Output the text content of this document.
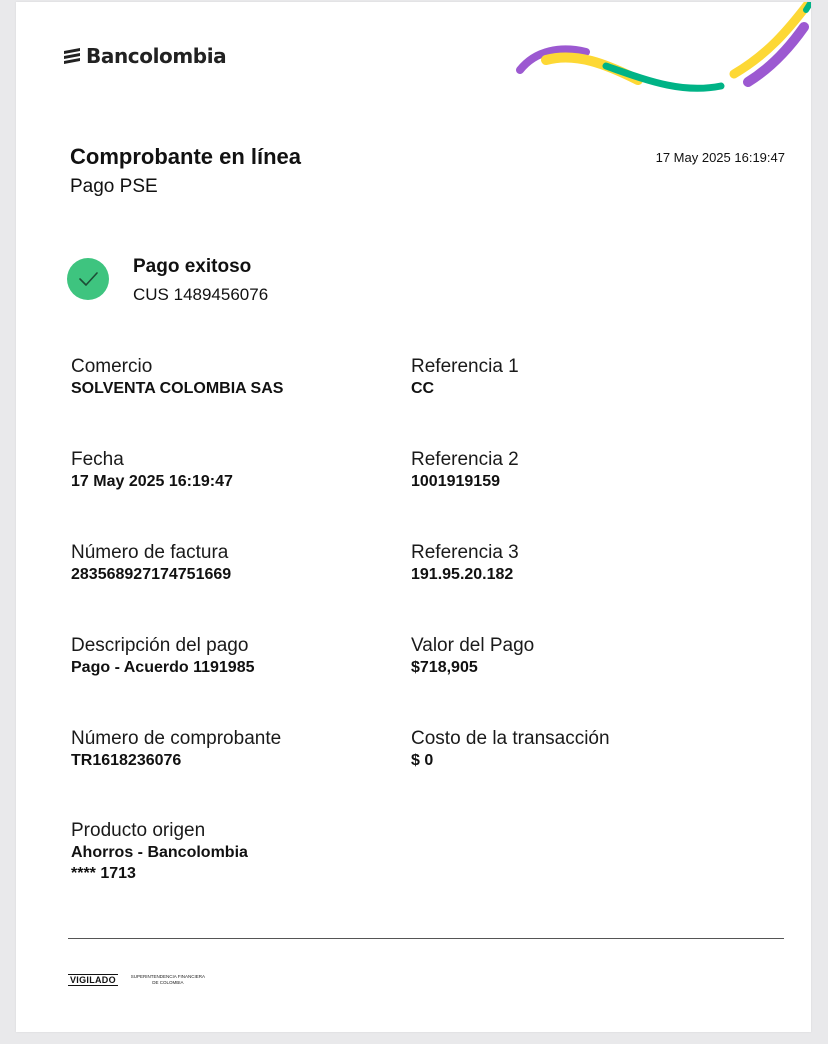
Bancolombia
Comprobante en línea
Pago PSE
17 May 2025 16:19:47
Pago exitoso
CUS 1489456076
Comercio
SOLVENTA COLOMBIA SAS
Referencia 1
CC
Fecha
17 May 2025 16:19:47
Referencia 2
1001919159
Número de factura
283568927174751669
Referencia 3
191.95.20.182
Descripción del pago
Pago - Acuerdo 1191985
Valor del Pago
$718,905
Número de comprobante
TR1618236076
Costo de la transacción
$ 0
Producto origen
Ahorros - Bancolombia
**** 1713
VIGILADO	SUPERINTENDENCIA FINANCIERA
DE COLOMBIA
